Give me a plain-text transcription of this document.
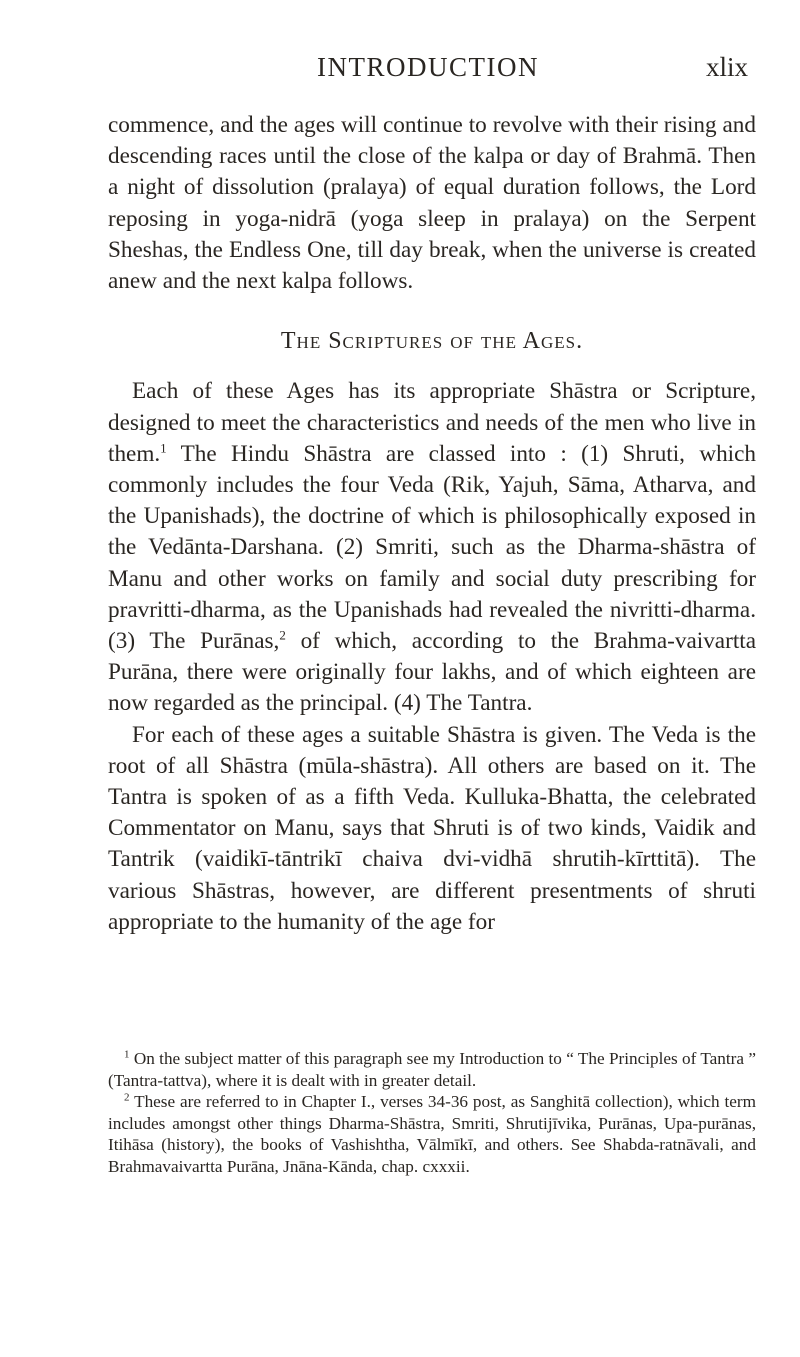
INTRODUCTION	xlix

commence, and the ages will continue to revolve with their rising and descending races until the close of the kalpa or day of Brahmā. Then a night of dissolution (pralaya) of equal duration follows, the Lord reposing in yoga-nidrā (yoga sleep in pralaya) on the Serpent Sheshas, the Endless One, till day break, when the universe is created anew and the next kalpa follows.

The Scriptures of the Ages.

Each of these Ages has its appropriate Shāstra or Scripture, designed to meet the characteristics and needs of the men who live in them.$^1$ The Hindu Shāstra are classed into : (1) Shruti, which commonly includes the four Veda (Rik, Yajuh, Sāma, Atharva, and the Upanishads), the doctrine of which is philosophically exposed in the Vedānta-Darshana. (2) Smriti, such as the Dharma-shāstra of Manu and other works on family and social duty prescribing for pravritti-dharma, as the Upanishads had revealed the nivritti-dharma. (3) The Purānas,$^2$ of which, according to the Brahma-vaivartta Purāna, there were originally four lakhs, and of which eighteen are now regarded as the principal. (4) The Tantra.

For each of these ages a suitable Shāstra is given. The Veda is the root of all Shāstra (mūla-shāstra). All others are based on it. The Tantra is spoken of as a fifth Veda. Kulluka-Bhatta, the celebrated Commentator on Manu, says that Shruti is of two kinds, Vaidik and Tantrik (vaidikī-tāntrikī chaiva dvi-vidhā shrutih-kīrttitā). The various Shāstras, however, are different presentments of shruti appropriate to the humanity of the age for

$^1$ On the subject matter of this paragraph see my Introduction to “ The Principles of Tantra ” (Tantra-tattva), where it is dealt with in greater detail.

$^2$ These are referred to in Chapter I., verses 34-36 post, as Sanghitā collection), which term includes amongst other things Dharma-Shāstra, Smriti, Shrutijīvika, Purānas, Upa-purānas, Itihāsa (history), the books of Vashishtha, Vālmīkī, and others. See Shabda-ratnāvali, and Brahmavaivartta Purāna, Jnāna-Kānda, chap. cxxxii.
